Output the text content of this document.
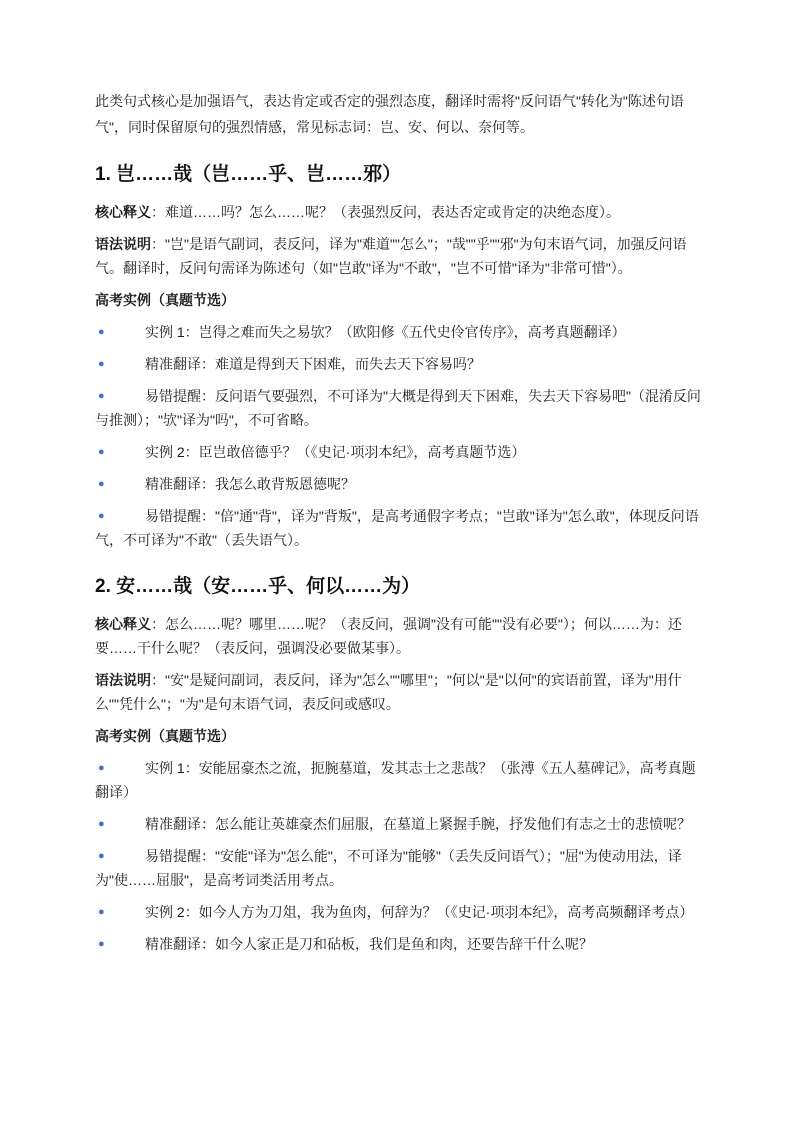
此类句式核心是加强语气，表达肯定或否定的强烈态度，翻译时需将"反问语气"转化为"陈述句语气"，同时保留原句的强烈情感，常见标志词：岂、安、何以、奈何等。

1. 岂……哉（岂……乎、岂……邪）

核心释义：难道……吗？怎么……呢？（表强烈反问，表达否定或肯定的决绝态度）。

语法说明："岂"是语气副词，表反问，译为"难道""怎么"；"哉""乎""邪"为句末语气词，加强反问语气。翻译时，反问句需译为陈述句（如"岂敢"译为"不敢"，"岂不可惜"译为"非常可惜"）。

高考实例（真题节选）

●	实例 1：岂得之难而失之易欤？（欧阳修《五代史伶官传序》，高考真题翻译）

●	精准翻译：难道是得到天下困难，而失去天下容易吗？

●	易错提醒：反问语气要强烈，不可译为"大概是得到天下困难，失去天下容易吧"（混淆反问与推测）；"欤"译为"吗"，不可省略。

●	实例 2：臣岂敢倍德乎？（《史记·项羽本纪》，高考真题节选）

●	精准翻译：我怎么敢背叛恩德呢？

●	易错提醒："倍"通"背"，译为"背叛"，是高考通假字考点；"岂敢"译为"怎么敢"，体现反问语气，不可译为"不敢"（丢失语气）。

2. 安……哉（安……乎、何以……为）

核心释义：怎么……呢？哪里……呢？（表反问，强调"没有可能""没有必要"）；何以……为：还要……干什么呢？（表反问，强调没必要做某事）。

语法说明："安"是疑问副词，表反问，译为"怎么""哪里"；"何以"是"以何"的宾语前置，译为"用什么""凭什么"；"为"是句末语气词，表反问或感叹。

高考实例（真题节选）

●	实例 1：安能屈豪杰之流，扼腕墓道，发其志士之悲哉？（张溥《五人墓碑记》，高考真题翻译）

●	精准翻译：怎么能让英雄豪杰们屈服，在墓道上紧握手腕，抒发他们有志之士的悲愤呢？

●	易错提醒："安能"译为"怎么能"，不可译为"能够"（丢失反问语气）；"屈"为使动用法，译为"使……屈服"，是高考词类活用考点。

●	实例 2：如今人方为刀俎，我为鱼肉，何辞为？（《史记·项羽本纪》，高考高频翻译考点）

●	精准翻译：如今人家正是刀和砧板，我们是鱼和肉，还要告辞干什么呢？
